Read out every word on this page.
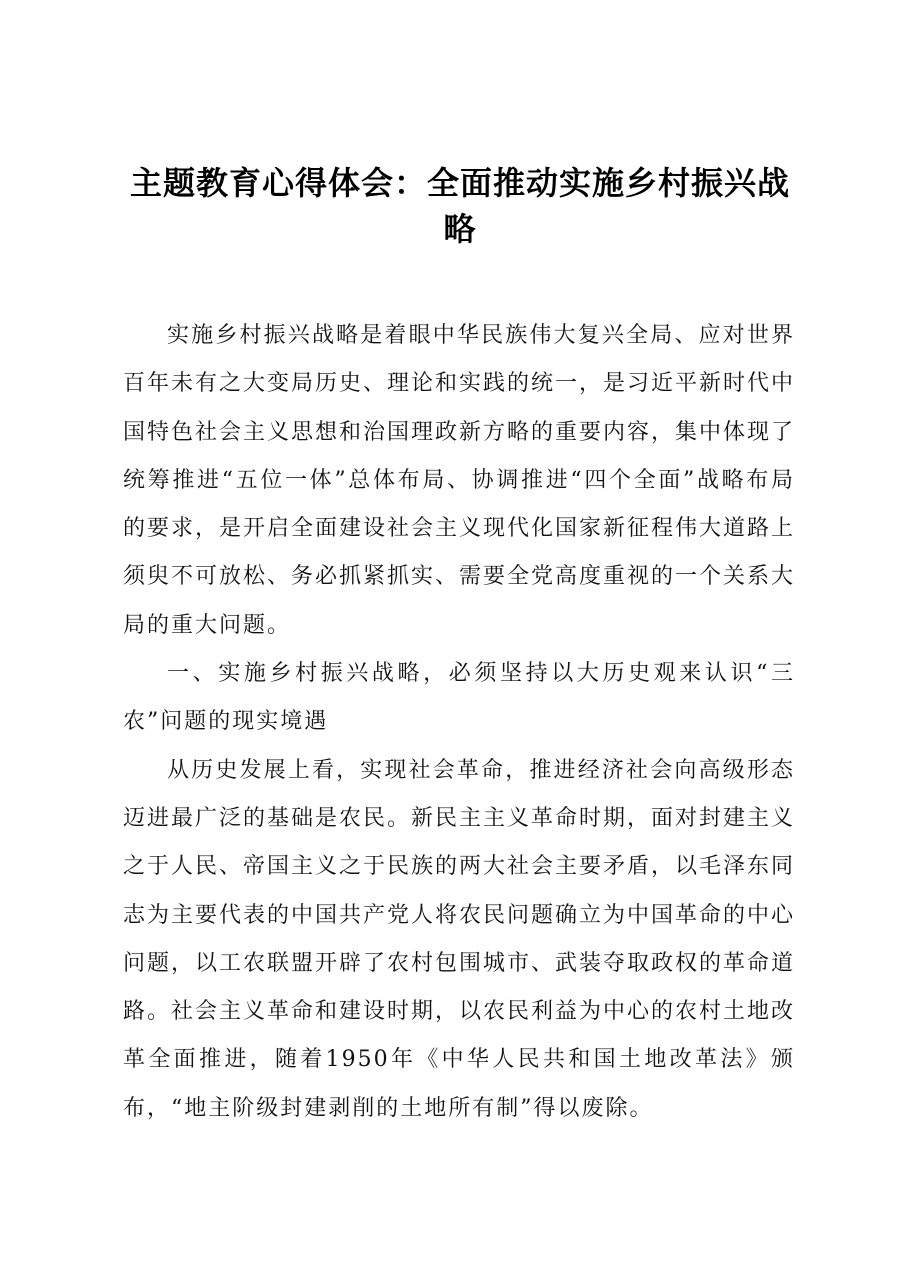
主题教育心得体会：全面推动实施乡村振兴战
略

实施乡村振兴战略是着眼中华民族伟大复兴全局、应对世界百年未有之大变局历史、理论和实践的统一，是习近平新时代中国特色社会主义思想和治国理政新方略的重要内容，集中体现了统筹推进“五位一体”总体布局、协调推进“四个全面”战略布局的要求，是开启全面建设社会主义现代化国家新征程伟大道路上须臾不可放松、务必抓紧抓实、需要全党高度重视的一个关系大局的重大问题。

一、实施乡村振兴战略，必须坚持以大历史观来认识“三农”问题的现实境遇

从历史发展上看，实现社会革命，推进经济社会向高级形态迈进最广泛的基础是农民。新民主主义革命时期，面对封建主义之于人民、帝国主义之于民族的两大社会主要矛盾，以毛泽东同志为主要代表的中国共产党人将农民问题确立为中国革命的中心问题，以工农联盟开辟了农村包围城市、武装夺取政权的革命道路。社会主义革命和建设时期，以农民利益为中心的农村土地改革全面推进，随着1950年《中华人民共和国土地改革法》颁布，“地主阶级封建剥削的土地所有制”得以废除。
